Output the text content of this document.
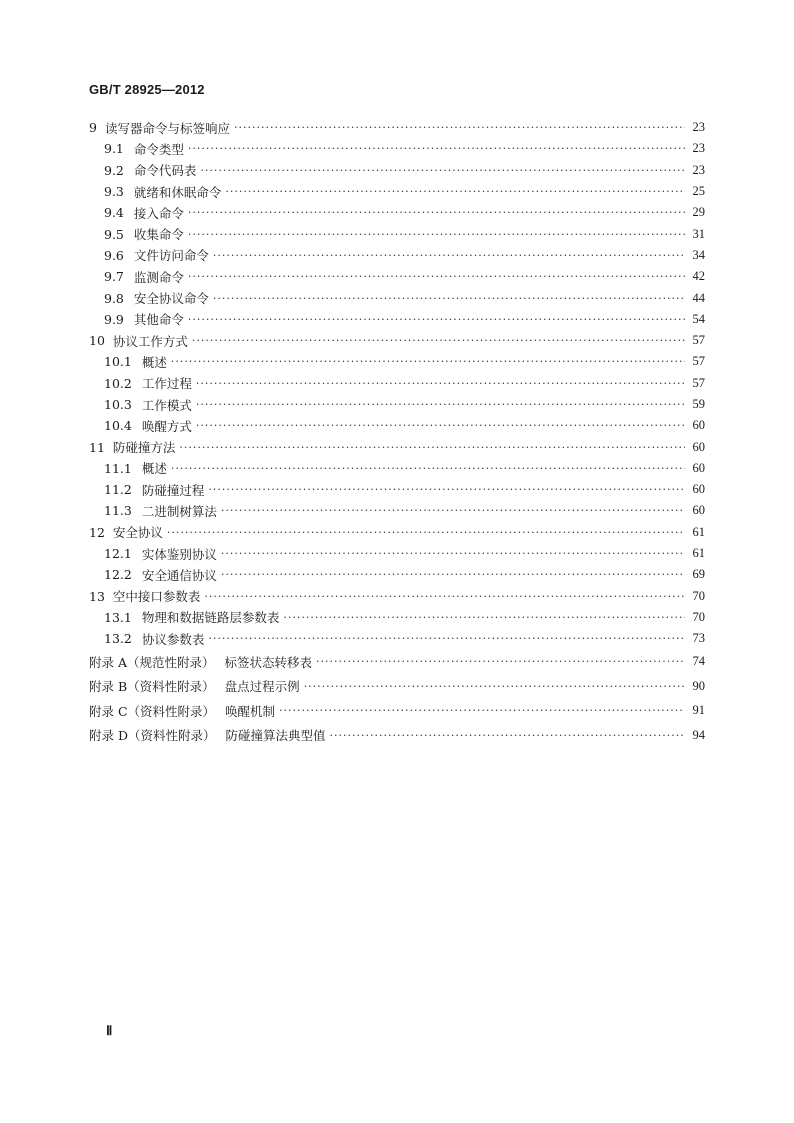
GB/T 28925—2012
9 读写器命令与标签响应 ·····	23
9.1 命令类型 ·····	23
9.2 命令代码表 ·····	23
9.3 就绪和休眠命令 ·····	25
9.4 接入命令 ·····	29
9.5 收集命令 ·····	31
9.6 文件访问命令 ·····	34
9.7 监测命令 ·····	42
9.8 安全协议命令 ·····	44
9.9 其他命令 ·····	54
10 协议工作方式 ·····	57
10.1 概述 ·····	57
10.2 工作过程 ·····	57
10.3 工作模式 ·····	59
10.4 唤醒方式 ·····	60
11 防碰撞方法 ·····	60
11.1 概述 ·····	60
11.2 防碰撞过程 ·····	60
11.3 二进制树算法 ·····	60
12 安全协议 ·····	61
12.1 实体鉴别协议 ·····	61
12.2 安全通信协议 ·····	69
13 空中接口参数表 ·····	70
13.1 物理和数据链路层参数表 ·····	70
13.2 协议参数表 ·····	73
附录 A（规范性附录） 标签状态转移表 ·····	74
附录 B（资料性附录） 盘点过程示例 ·····	90
附录 C（资料性附录） 唤醒机制 ·····	91
附录 D（资料性附录） 防碰撞算法典型值 ·····	94
Ⅱ
